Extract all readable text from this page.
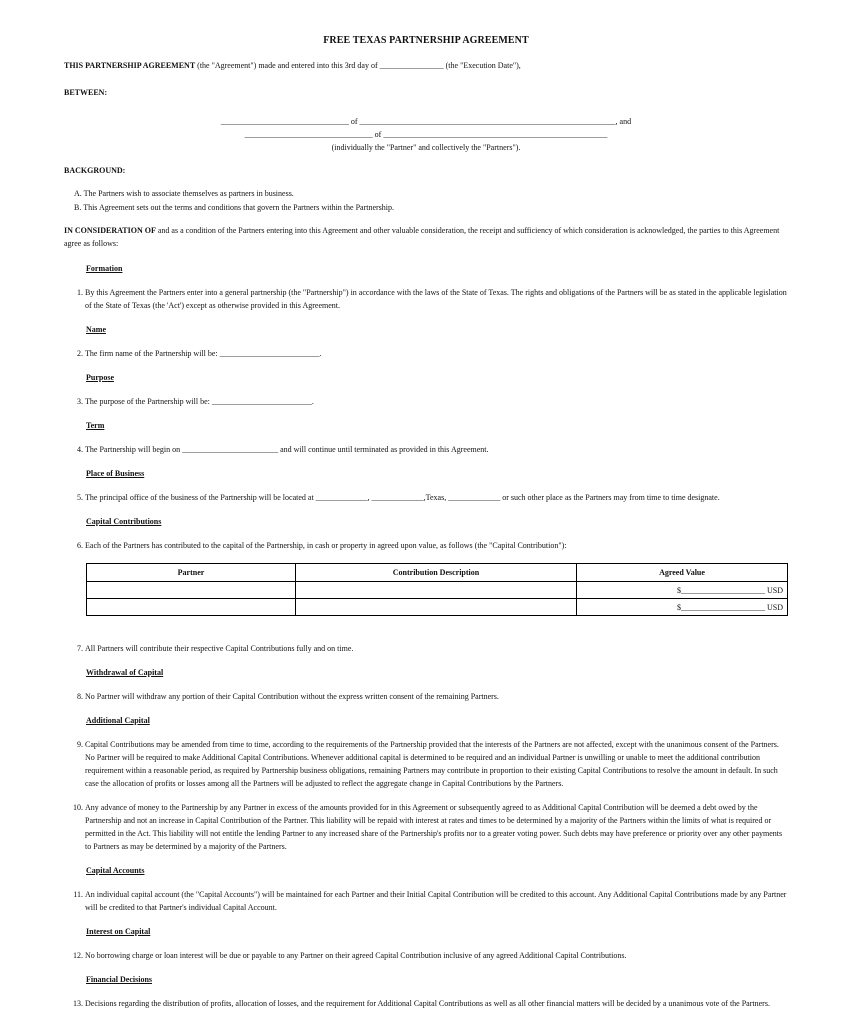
FREE TEXAS PARTNERSHIP AGREEMENT
THIS PARTNERSHIP AGREEMENT (the "Agreement") made and entered into this 3rd day of ________________ (the "Execution Date"),
BETWEEN:
________________________________ of ________________________________________________________________, and
________________________________ of ________________________________________________________
(individually the "Partner" and collectively the "Partners").
BACKGROUND:
A. The Partners wish to associate themselves as partners in business.
B. This Agreement sets out the terms and conditions that govern the Partners within the Partnership.
IN CONSIDERATION OF and as a condition of the Partners entering into this Agreement and other valuable consideration, the receipt and sufficiency of which consideration is acknowledged, the parties to this Agreement agree as follows:
Formation
1. By this Agreement the Partners enter into a general partnership (the "Partnership") in accordance with the laws of the State of Texas. The rights and obligations of the Partners will be as stated in the applicable legislation of the State of Texas (the 'Act') except as otherwise provided in this Agreement.
Name
2. The firm name of the Partnership will be: _________________________.
Purpose
3. The purpose of the Partnership will be: _________________________.
Term
4. The Partnership will begin on ________________________ and will continue until terminated as provided in this Agreement.
Place of Business
5. The principal office of the business of the Partnership will be located at _____________, _____________,Texas, _____________ or such other place as the Partners may from time to time designate.
Capital Contributions
6. Each of the Partners has contributed to the capital of the Partnership, in cash or property in agreed upon value, as follows (the "Capital Contribution"):
Partner	Contribution Description	Agreed Value
		$_____________________ USD
		$_____________________ USD
7. All Partners will contribute their respective Capital Contributions fully and on time.
Withdrawal of Capital
8. No Partner will withdraw any portion of their Capital Contribution without the express written consent of the remaining Partners.
Additional Capital
9. Capital Contributions may be amended from time to time, according to the requirements of the Partnership provided that the interests of the Partners are not affected, except with the unanimous consent of the Partners. No Partner will be required to make Additional Capital Contributions. Whenever additional capital is determined to be required and an individual Partner is unwilling or unable to meet the additional contribution requirement within a reasonable period, as required by Partnership business obligations, remaining Partners may contribute in proportion to their existing Capital Contributions to resolve the amount in default. In such case the allocation of profits or losses among all the Partners will be adjusted to reflect the aggregate change in Capital Contributions by the Partners.
10. Any advance of money to the Partnership by any Partner in excess of the amounts provided for in this Agreement or subsequently agreed to as Additional Capital Contribution will be deemed a debt owed by the Partnership and not an increase in Capital Contribution of the Partner. This liability will be repaid with interest at rates and times to be determined by a majority of the Partners within the limits of what is required or permitted in the Act. This liability will not entitle the lending Partner to any increased share of the Partnership's profits nor to a greater voting power. Such debts may have preference or priority over any other payments to Partners as may be determined by a majority of the Partners.
Capital Accounts
11. An individual capital account (the "Capital Accounts") will be maintained for each Partner and their Initial Capital Contribution will be credited to this account. Any Additional Capital Contributions made by any Partner will be credited to that Partner's individual Capital Account.
Interest on Capital
12. No borrowing charge or loan interest will be due or payable to any Partner on their agreed Capital Contribution inclusive of any agreed Additional Capital Contributions.
Financial Decisions
13. Decisions regarding the distribution of profits, allocation of losses, and the requirement for Additional Capital Contributions as well as all other financial matters will be decided by a unanimous vote of the Partners.
